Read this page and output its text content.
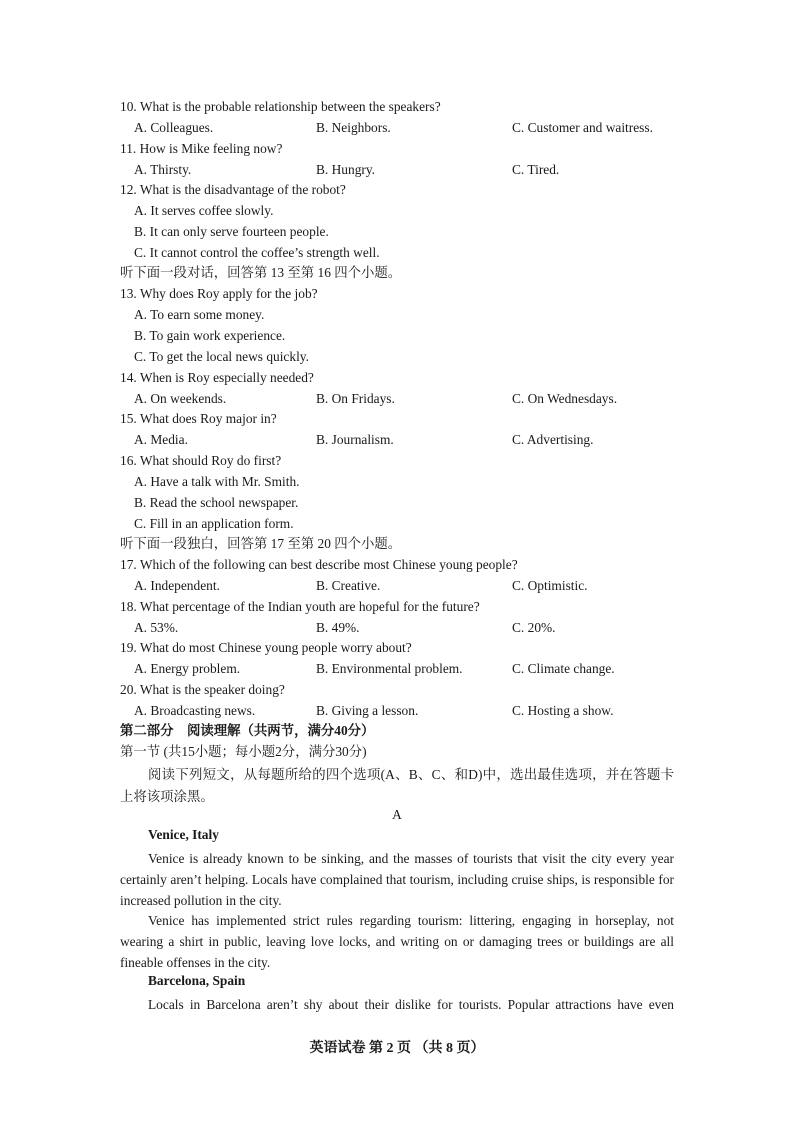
10. What is the probable relationship between the speakers?
A. Colleagues.	B. Neighbors.	C. Customer and waitress.
11. How is Mike feeling now?
A. Thirsty.	B. Hungry.	C. Tired.
12. What is the disadvantage of the robot?
A. It serves coffee slowly.
B. It can only serve fourteen people.
C. It cannot control the coffee’s strength well.
听下面一段对话，回答第 13 至第 16 四个小题。
13. Why does Roy apply for the job?
A. To earn some money.
B. To gain work experience.
C. To get the local news quickly.
14. When is Roy especially needed?
A. On weekends.	B. On Fridays.	C. On Wednesdays.
15. What does Roy major in?
A. Media.	B. Journalism.	C. Advertising.
16. What should Roy do first?
A. Have a talk with Mr. Smith.
B. Read the school newspaper.
C. Fill in an application form.
听下面一段独白，回答第 17 至第 20 四个小题。
17. Which of the following can best describe most Chinese young people?
A. Independent.	B. Creative.	C. Optimistic.
18. What percentage of the Indian youth are hopeful for the future?
A. 53%.	B. 49%.	C. 20%.
19. What do most Chinese young people worry about?
A. Energy problem.	B. Environmental problem.	C. Climate change.
20. What is the speaker doing?
A. Broadcasting news.	B. Giving a lesson.	C. Hosting a show.
第二部分　阅读理解（共两节，满分40分）
第一节 (共15小题；每小题2分，满分30分)
阅读下列短文，从每题所给的四个选项(A、B、C、和D)中，选出最佳选项，并在答题卡上将该项涂黑。
A
Venice, Italy
Venice is already known to be sinking, and the masses of tourists that visit the city every year certainly aren’t helping. Locals have complained that tourism, including cruise ships, is responsible for increased pollution in the city.
Venice has implemented strict rules regarding tourism: littering, engaging in horseplay, not wearing a shirt in public, leaving love locks, and writing on or damaging trees or buildings are all fineable offenses in the city.
Barcelona, Spain
Locals in Barcelona aren’t shy about their dislike for tourists. Popular attractions have even
英语试卷 第 2 页 （共 8 页）
